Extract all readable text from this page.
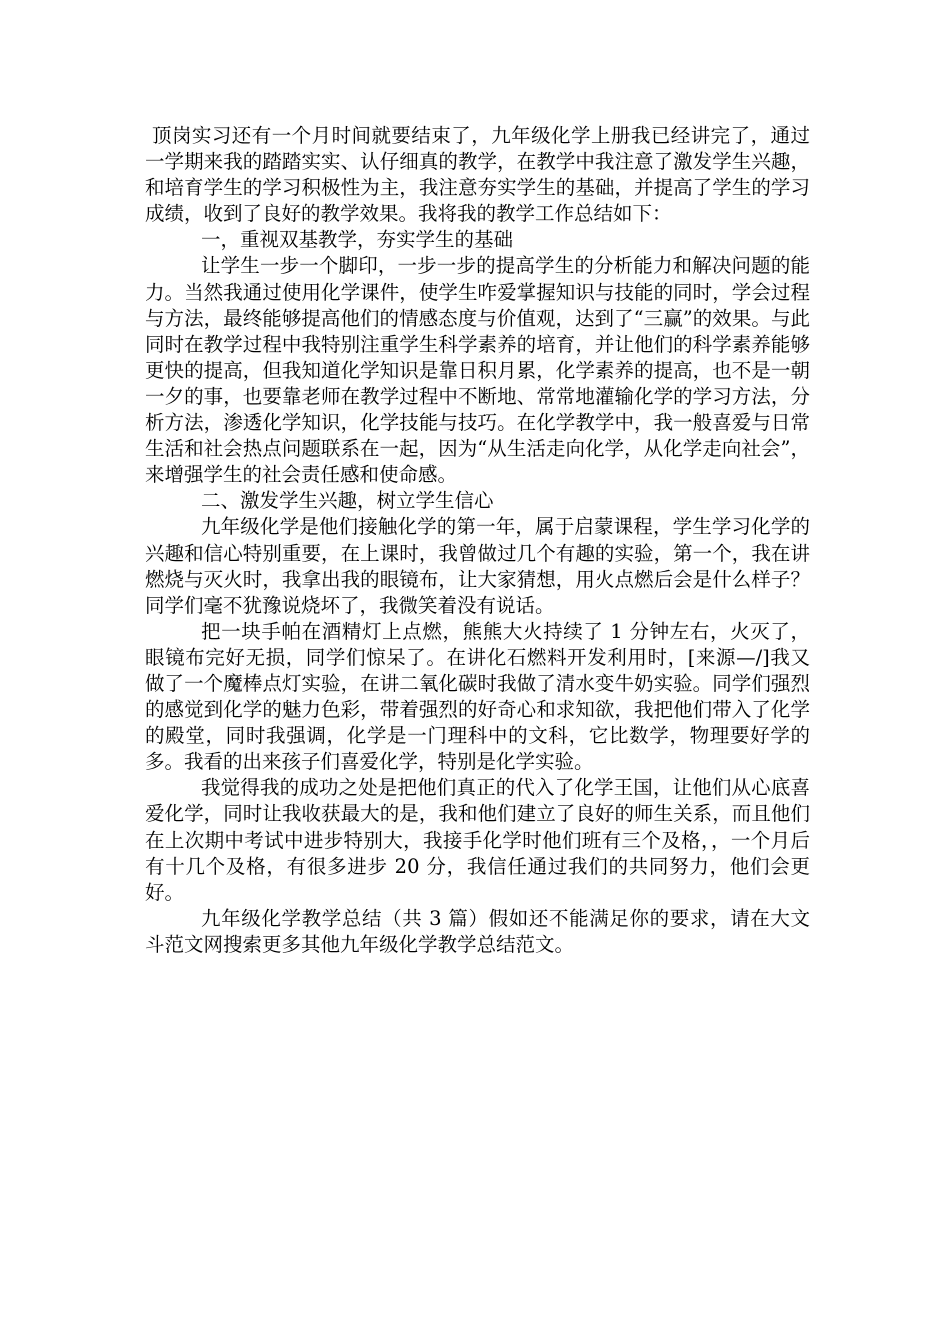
顶岗实习还有一个月时间就要结束了，九年级化学上册我已经讲完了，通过一学期来我的踏踏实实、认仔细真的教学，在教学中我注意了激发学生兴趣，和培育学生的学习积极性为主，我注意夯实学生的基础，并提高了学生的学习成绩，收到了良好的教学效果。我将我的教学工作总结如下：

一，重视双基教学，夯实学生的基础

让学生一步一个脚印，一步一步的提高学生的分析能力和解决问题的能力。当然我通过使用化学课件，使学生咋爱掌握知识与技能的同时，学会过程与方法，最终能够提高他们的情感态度与价值观，达到了“三赢”的效果。与此同时在教学过程中我特别注重学生科学素养的培育，并让他们的科学素养能够更快的提高，但我知道化学知识是靠日积月累，化学素养的提高，也不是一朝一夕的事，也要靠老师在教学过程中不断地、常常地灌输化学的学习方法，分析方法，渗透化学知识，化学技能与技巧。在化学教学中，我一般喜爱与日常生活和社会热点问题联系在一起，因为“从生活走向化学，从化学走向社会”，来增强学生的社会责任感和使命感。

二、激发学生兴趣，树立学生信心

九年级化学是他们接触化学的第一年，属于启蒙课程，学生学习化学的兴趣和信心特别重要，在上课时，我曾做过几个有趣的实验，第一个，我在讲燃烧与灭火时，我拿出我的眼镜布，让大家猜想，用火点燃后会是什么样子？同学们毫不犹豫说烧坏了，我微笑着没有说话。

把一块手帕在酒精灯上点燃，熊熊大火持续了 1 分钟左右，火灭了，眼镜布完好无损，同学们惊呆了。在讲化石燃料开发利用时，[来源—/]我又做了一个魔棒点灯实验，在讲二氧化碳时我做了清水变牛奶实验。同学们强烈的感觉到化学的魅力色彩，带着强烈的好奇心和求知欲，我把他们带入了化学的殿堂，同时我强调，化学是一门理科中的文科，它比数学，物理要好学的多。我看的出来孩子们喜爱化学，特别是化学实验。

我觉得我的成功之处是把他们真正的代入了化学王国，让他们从心底喜爱化学，同时让我收获最大的是，我和他们建立了良好的师生关系，而且他们在上次期中考试中进步特别大，我接手化学时他们班有三个及格，，一个月后有十几个及格，有很多进步 20 分，我信任通过我们的共同努力，他们会更好。

九年级化学教学总结（共 3 篇）假如还不能满足你的要求，请在大文斗范文网搜索更多其他九年级化学教学总结范文。
